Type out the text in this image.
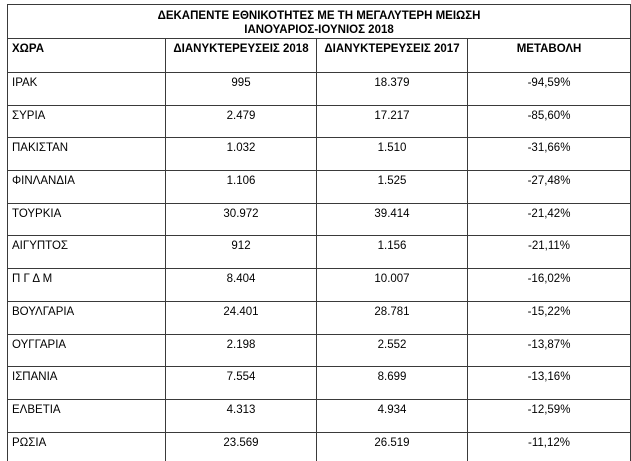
ΔΕΚΑΠΕΝΤΕ ΕΘΝΙΚΟΤΗΤΕΣ ΜΕ ΤΗ ΜΕΓΑΛΥΤΕΡΗ ΜΕΙΩΣΗ
ΙΑΝΟΥΑΡΙΟΣ-ΙΟΥΝΙΟΣ 2018			

ΧΩΡΑ	ΔΙΑΝΥΚΤΕΡΕΥΣΕΙΣ 2018	ΔΙΑΝΥΚΤΕΡΕΥΣΕΙΣ 2017	ΜΕΤΑΒΟΛΗ
ΙΡΑΚ	995	18.379	-94,59%
ΣΥΡΙΑ	2.479	17.217	-85,60%
ΠΑΚΙΣΤΑΝ	1.032	1.510	-31,66%
ΦΙΝΛΑΝΔΙΑ	1.106	1.525	-27,48%
ΤΟΥΡΚΙΑ	30.972	39.414	-21,42%
ΑΙΓΥΠΤΟΣ	912	1.156	-21,11%
Π Γ Δ Μ	8.404	10.007	-16,02%
ΒΟΥΛΓΑΡΙΑ	24.401	28.781	-15,22%
ΟΥΓΓΑΡΙΑ	2.198	2.552	-13,87%
ΙΣΠΑΝΙΑ	7.554	8.699	-13,16%
ΕΛΒΕΤΙΑ	4.313	4.934	-12,59%
ΡΩΣΙΑ	23.569	26.519	-11,12%
